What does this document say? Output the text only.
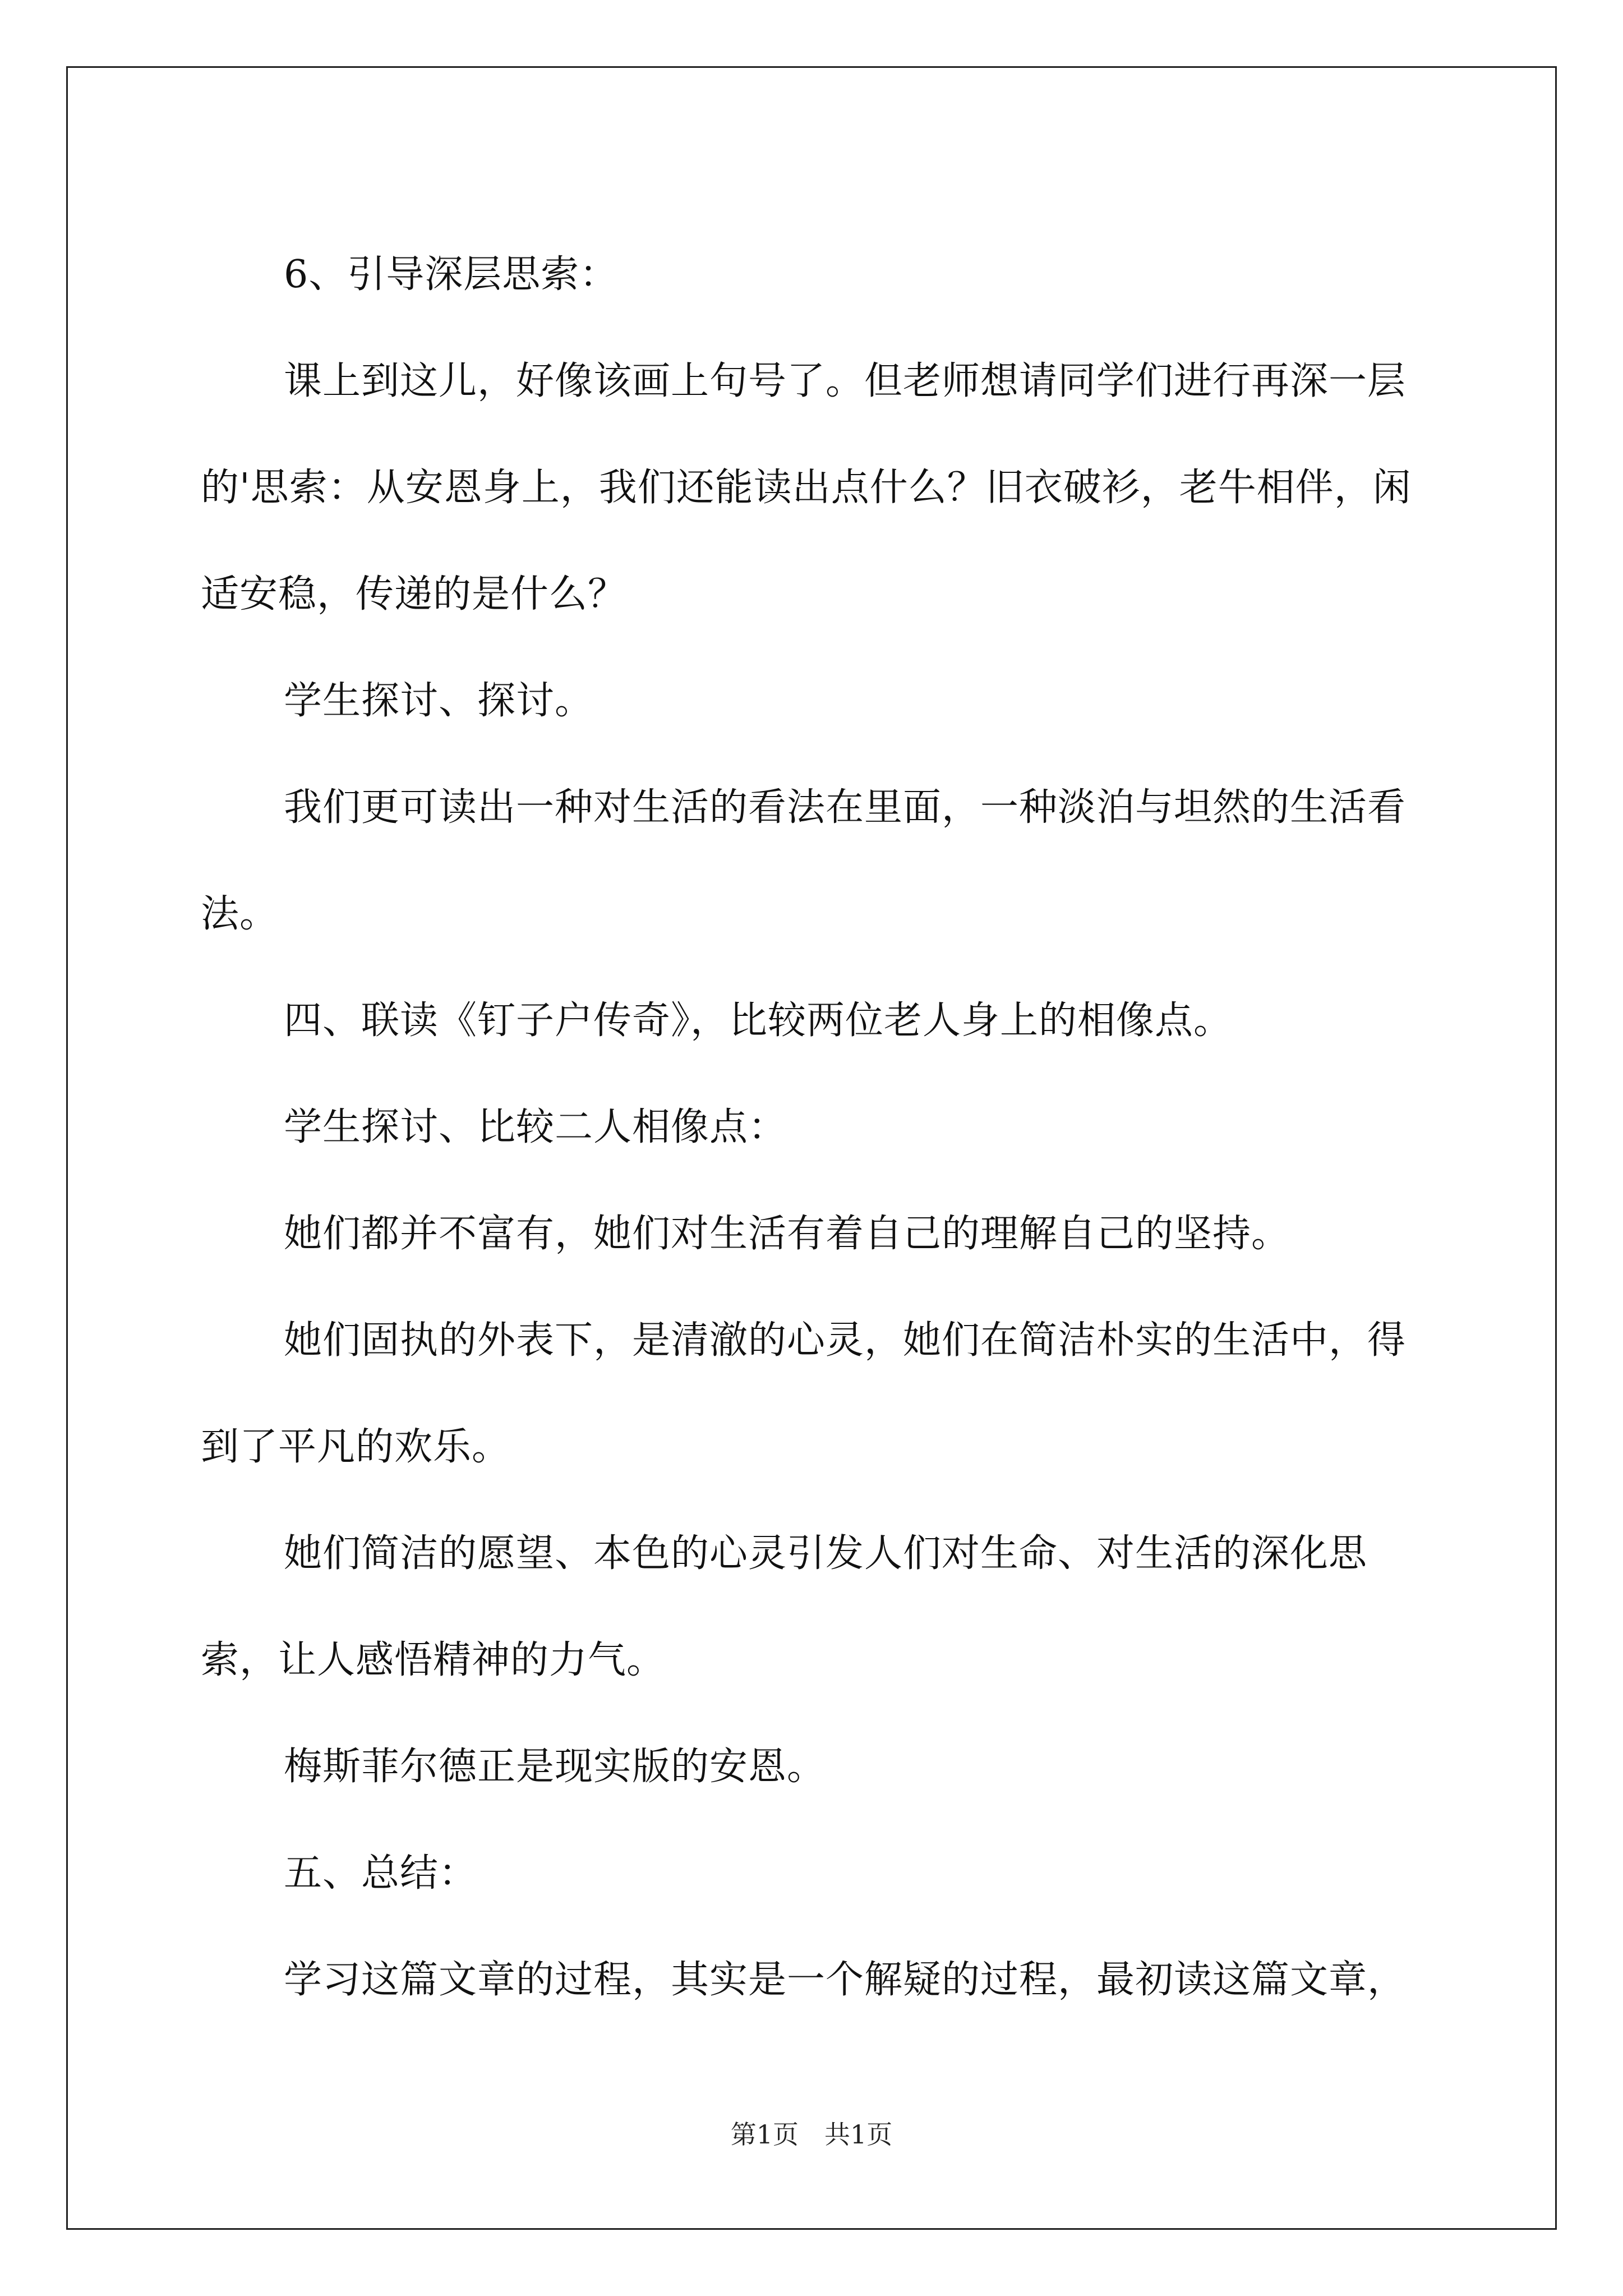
6、引导深层思索：

课上到这儿，好像该画上句号了。但老师想请同学们进行再深一层的'思索：从安恩身上，我们还能读出点什么？旧衣破衫，老牛相伴，闲适安稳，传递的是什么？

学生探讨、探讨。

我们更可读出一种对生活的看法在里面，一种淡泊与坦然的生活看法。

四、联读《钉子户传奇》，比较两位老人身上的相像点。

学生探讨、比较二人相像点：

她们都并不富有，她们对生活有着自己的理解自己的坚持。

她们固执的外表下，是清澈的心灵，她们在简洁朴实的生活中，得到了平凡的欢乐。

她们简洁的愿望、本色的心灵引发人们对生命、对生活的深化思索，让人感悟精神的力气。

梅斯菲尔德正是现实版的安恩。

五、总结：

学习这篇文章的过程，其实是一个解疑的过程，最初读这篇文章，

第1页　共1页
